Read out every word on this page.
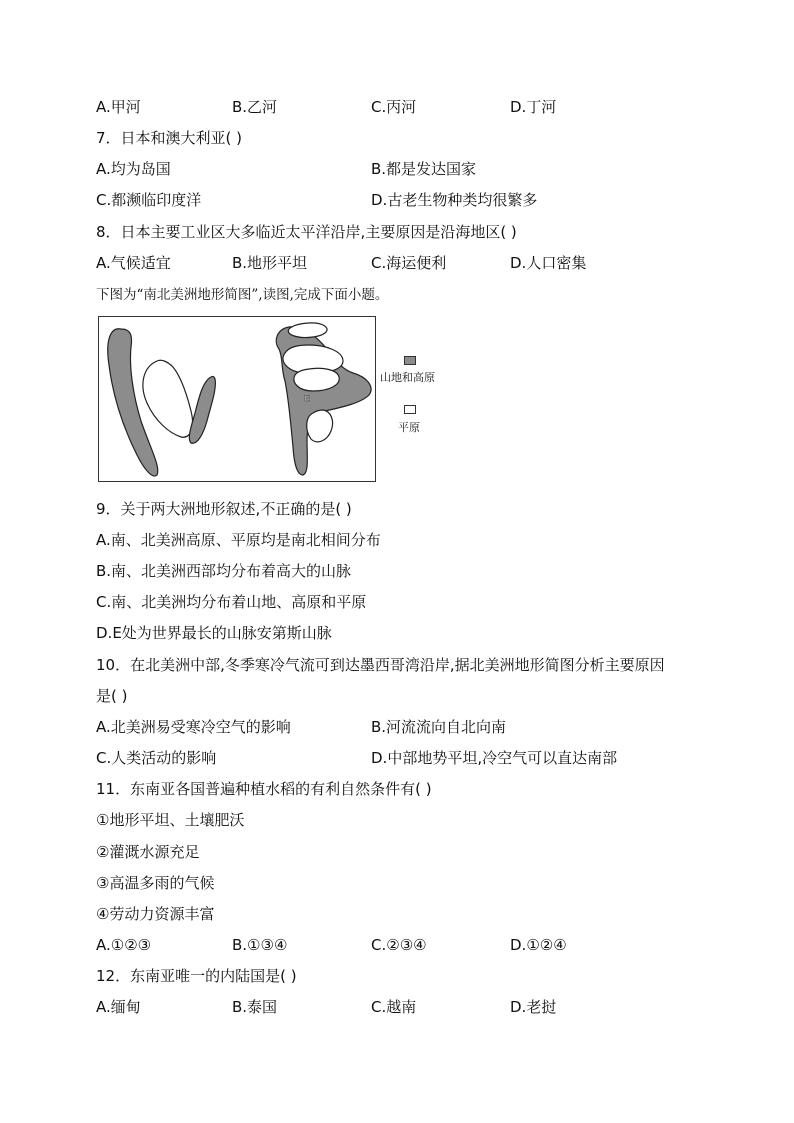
A.甲河	B.乙河	C.丙河	D.丁河
7．日本和澳大利亚( )
A.均为岛国	B.都是发达国家
C.都濒临印度洋	D.古老生物种类均很繁多
8．日本主要工业区大多临近太平洋沿岸,主要原因是沿海地区( )
A.气候适宜	B.地形平坦	C.海运便利	D.人口密集
下图为“南北美洲地形简图”,读图,完成下面小题。
E
山地和高原
平原
9．关于两大洲地形叙述,不正确的是( )
A.南、北美洲高原、平原均是南北相间分布
B.南、北美洲西部均分布着高大的山脉
C.南、北美洲均分布着山地、高原和平原
D.E处为世界最长的山脉安第斯山脉
10．在北美洲中部,冬季寒冷气流可到达墨西哥湾沿岸,据北美洲地形简图分析主要原因
是( )
A.北美洲易受寒冷空气的影响	B.河流流向自北向南
C.人类活动的影响	D.中部地势平坦,冷空气可以直达南部
11．东南亚各国普遍种植水稻的有利自然条件有( )
①地形平坦、土壤肥沃
②灌溉水源充足
③高温多雨的气候
④劳动力资源丰富
A.①②③	B.①③④	C.②③④	D.①②④
12．东南亚唯一的内陆国是( )
A.缅甸	B.泰国	C.越南	D.老挝
